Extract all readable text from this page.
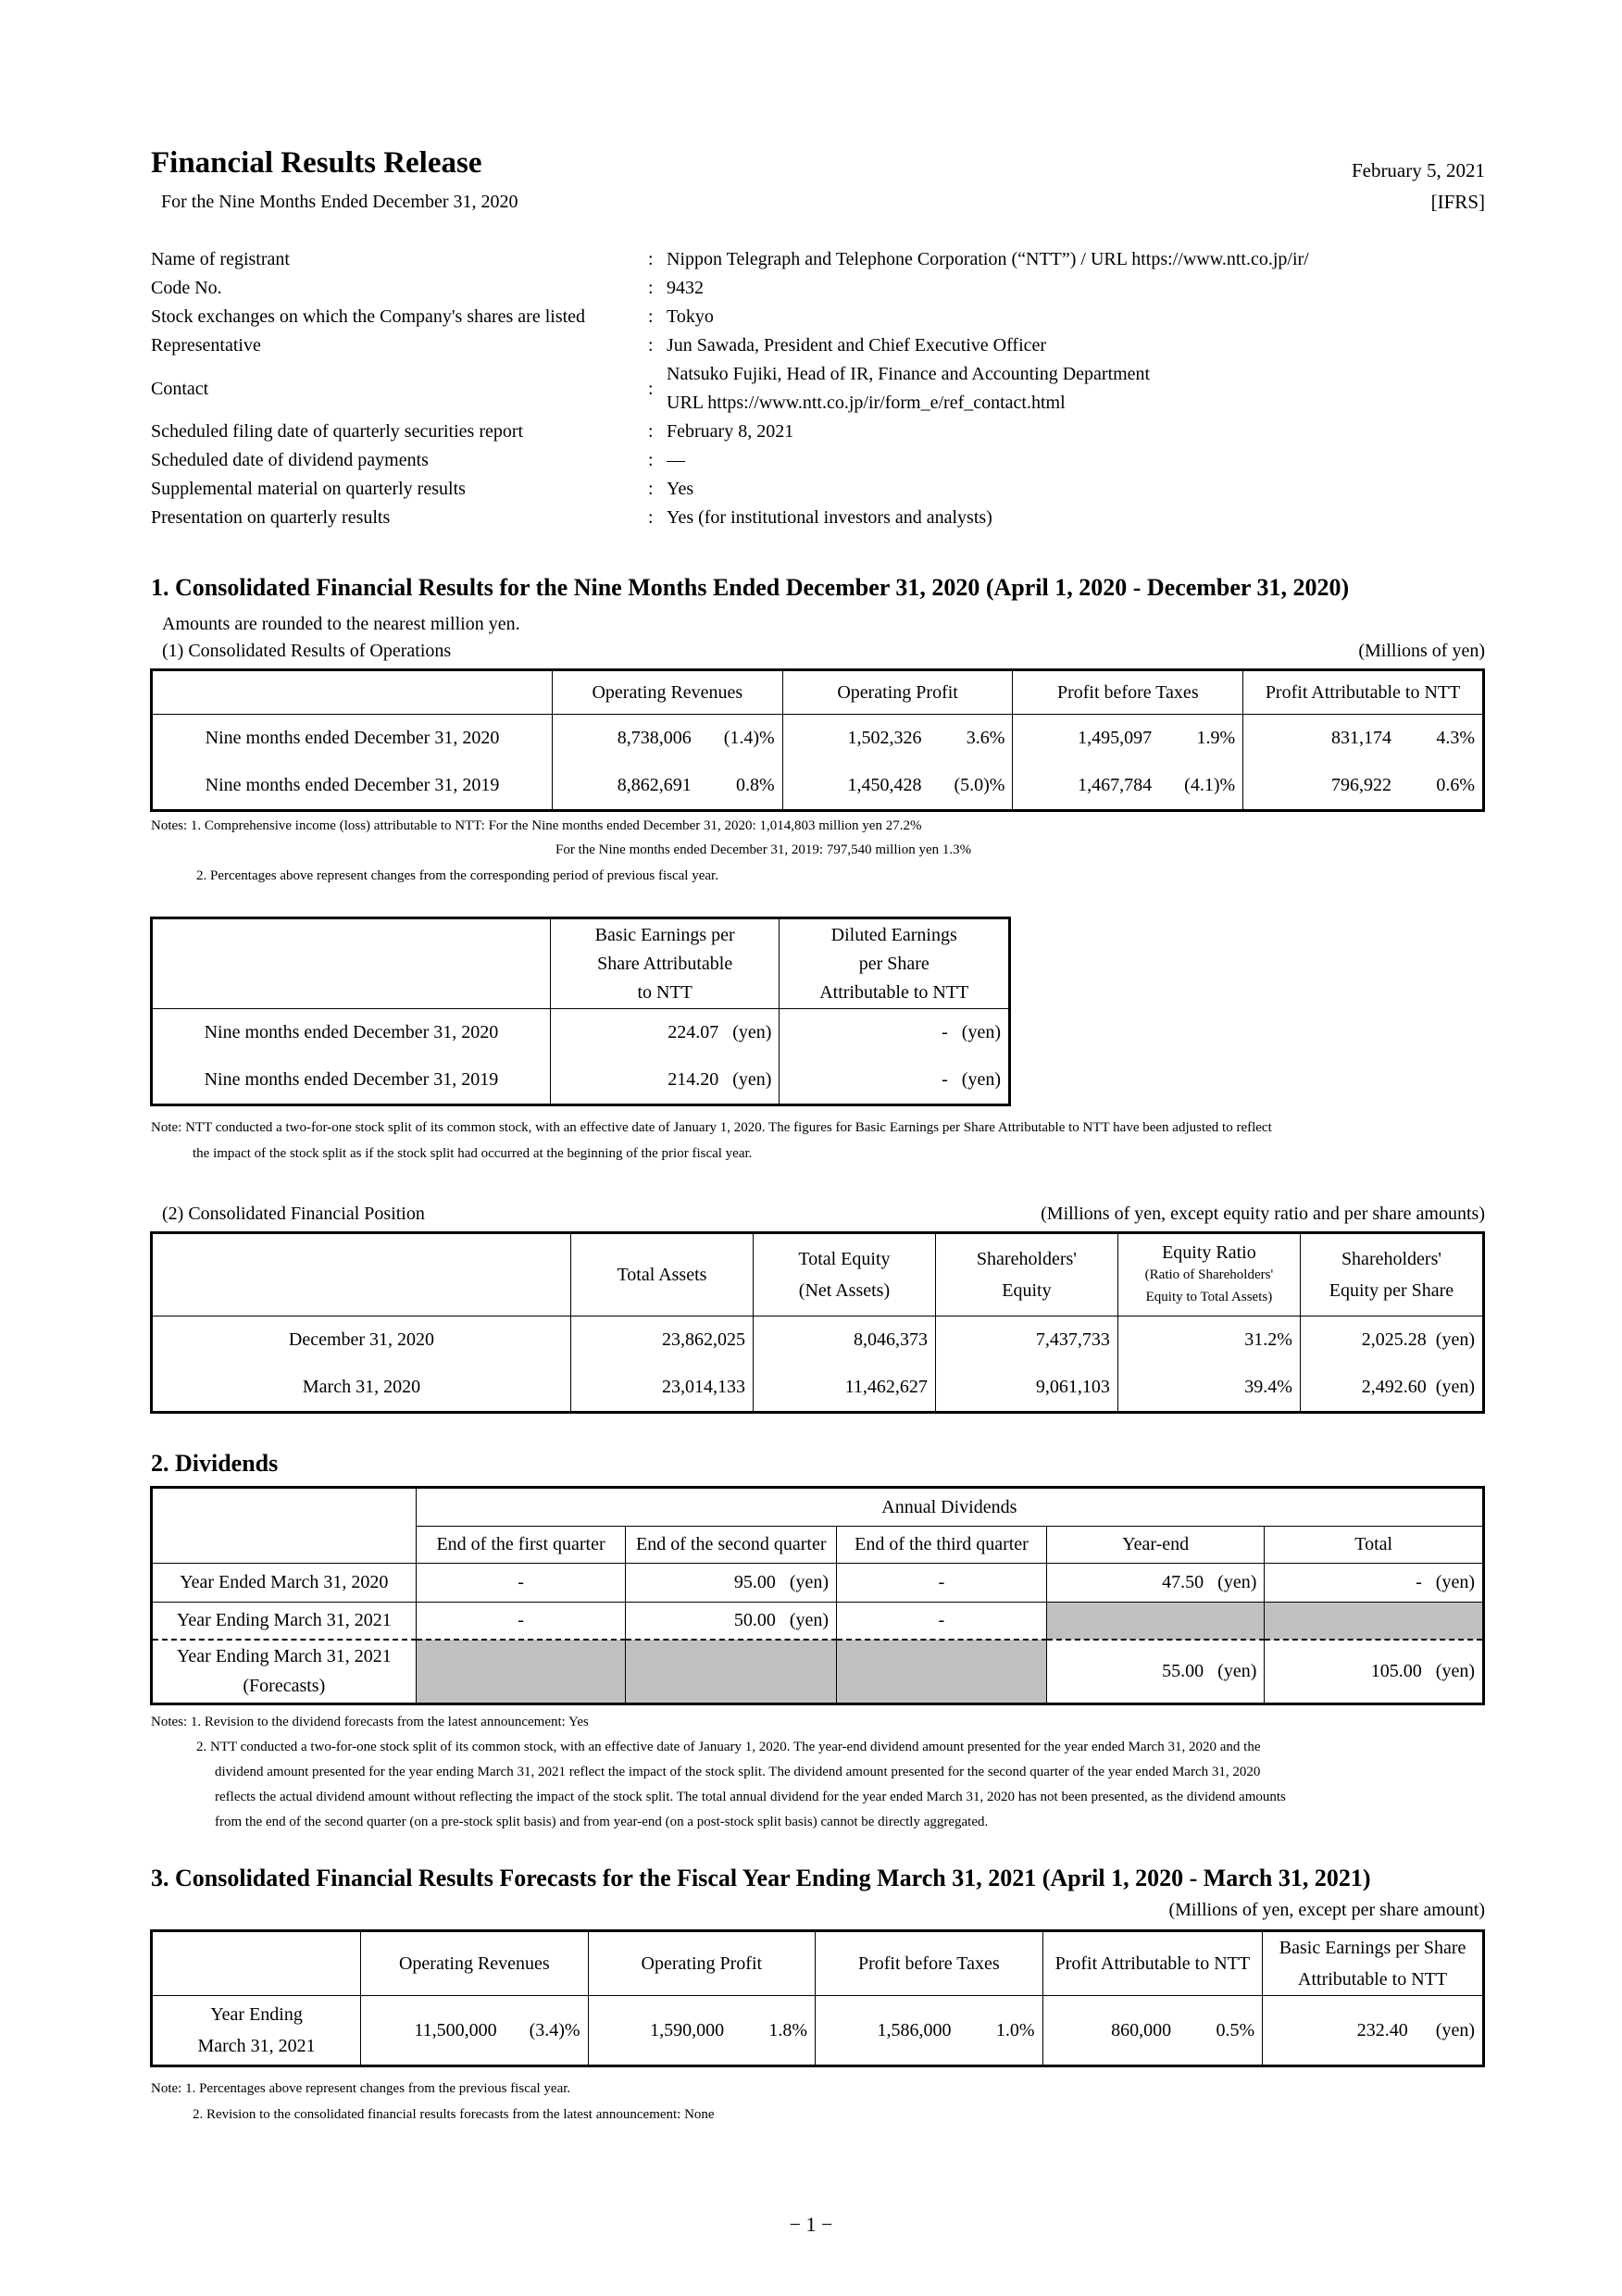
Financial Results Release
For the Nine Months Ended December 31, 2020
February 5, 2021
[IFRS]
Name of registrant	: Nippon Telegraph and Telephone Corporation (“NTT”) / URL https://www.ntt.co.jp/ir/
Code No.	: 9432
Stock exchanges on which the Company's shares are listed	: Tokyo
Representative	: Jun Sawada, President and Chief Executive Officer
Contact	:
Natsuko Fujiki, Head of IR, Finance and Accounting Department
URL https://www.ntt.co.jp/ir/form_e/ref_contact.html
Scheduled filing date of quarterly securities report	: February 8, 2021
Scheduled date of dividend payments	: —
Supplemental material on quarterly results	: Yes
Presentation on quarterly results	: Yes (for institutional investors and analysts)
1. Consolidated Financial Results for the Nine Months Ended December 31, 2020 (April 1, 2020 - December 31, 2020)
Amounts are rounded to the nearest million yen.
(1) Consolidated Results of Operations	(Millions of yen)
	Operating Revenues	Operating Profit	Profit before Taxes	Profit Attributable to NTT
Nine months ended December 31, 2020	8,738,006 (1.4)%	1,502,326 3.6%	1,495,097 1.9%	831,174 4.3%
Nine months ended December 31, 2019	8,862,691 0.8%	1,450,428 (5.0)%	1,467,784 (4.1)%	796,922 0.6%
Notes: 1. Comprehensive income (loss) attributable to NTT: For the Nine months ended December 31, 2020: 1,014,803 million yen 27.2%
For the Nine months ended December 31, 2019: 797,540 million yen 1.3%
2. Percentages above represent changes from the corresponding period of previous fiscal year.
	Basic Earnings per
Share Attributable
to NTT	Diluted Earnings
per Share
Attributable to NTT
Nine months ended December 31, 2020	224.07 (yen)	- (yen)
Nine months ended December 31, 2019	214.20 (yen)	- (yen)
Note: NTT conducted a two-for-one stock split of its common stock, with an effective date of January 1, 2020. The figures for Basic Earnings per Share Attributable to NTT have been adjusted to reflect
the impact of the stock split as if the stock split had occurred at the beginning of the prior fiscal year.
(2) Consolidated Financial Position	(Millions of yen, except equity ratio and per share amounts)
	Total Assets	Total Equity
(Net Assets)	Shareholders'
Equity	Equity Ratio
(Ratio of Shareholders'
Equity to Total Assets)	Shareholders'
Equity per Share
December 31, 2020	23,862,025	8,046,373	7,437,733	31.2%	2,025.28 (yen)
March 31, 2020	23,014,133	11,462,627	9,061,103	39.4%	2,492.60 (yen)
2. Dividends
	Annual Dividends				
	End of the first quarter	End of the second quarter	End of the third quarter	Year-end	Total
Year Ended March 31, 2020	-	95.00 (yen)	-	47.50 (yen)	- (yen)
Year Ending March 31, 2021	-	50.00 (yen)	-		
Year Ending March 31, 2021
(Forecasts)				55.00 (yen)	105.00 (yen)
Notes: 1. Revision to the dividend forecasts from the latest announcement: Yes
2. NTT conducted a two-for-one stock split of its common stock, with an effective date of January 1, 2020. The year-end dividend amount presented for the year ended March 31, 2020 and the
dividend amount presented for the year ending March 31, 2021 reflect the impact of the stock split. The dividend amount presented for the second quarter of the year ended March 31, 2020
reflects the actual dividend amount without reflecting the impact of the stock split. The total annual dividend for the year ended March 31, 2020 has not been presented, as the dividend amounts
from the end of the second quarter (on a pre-stock split basis) and from year-end (on a post-stock split basis) cannot be directly aggregated.
3. Consolidated Financial Results Forecasts for the Fiscal Year Ending March 31, 2021 (April 1, 2020 - March 31, 2021)
(Millions of yen, except per share amount)
	Operating Revenues	Operating Profit	Profit before Taxes	Profit Attributable to NTT	Basic Earnings per Share
Attributable to NTT
Year Ending
March 31, 2021	11,500,000 (3.4)%	1,590,000 1.8%	1,586,000 1.0%	860,000 0.5%	232.40 (yen)
Note: 1. Percentages above represent changes from the previous fiscal year.
2. Revision to the consolidated financial results forecasts from the latest announcement: None
− 1 −
